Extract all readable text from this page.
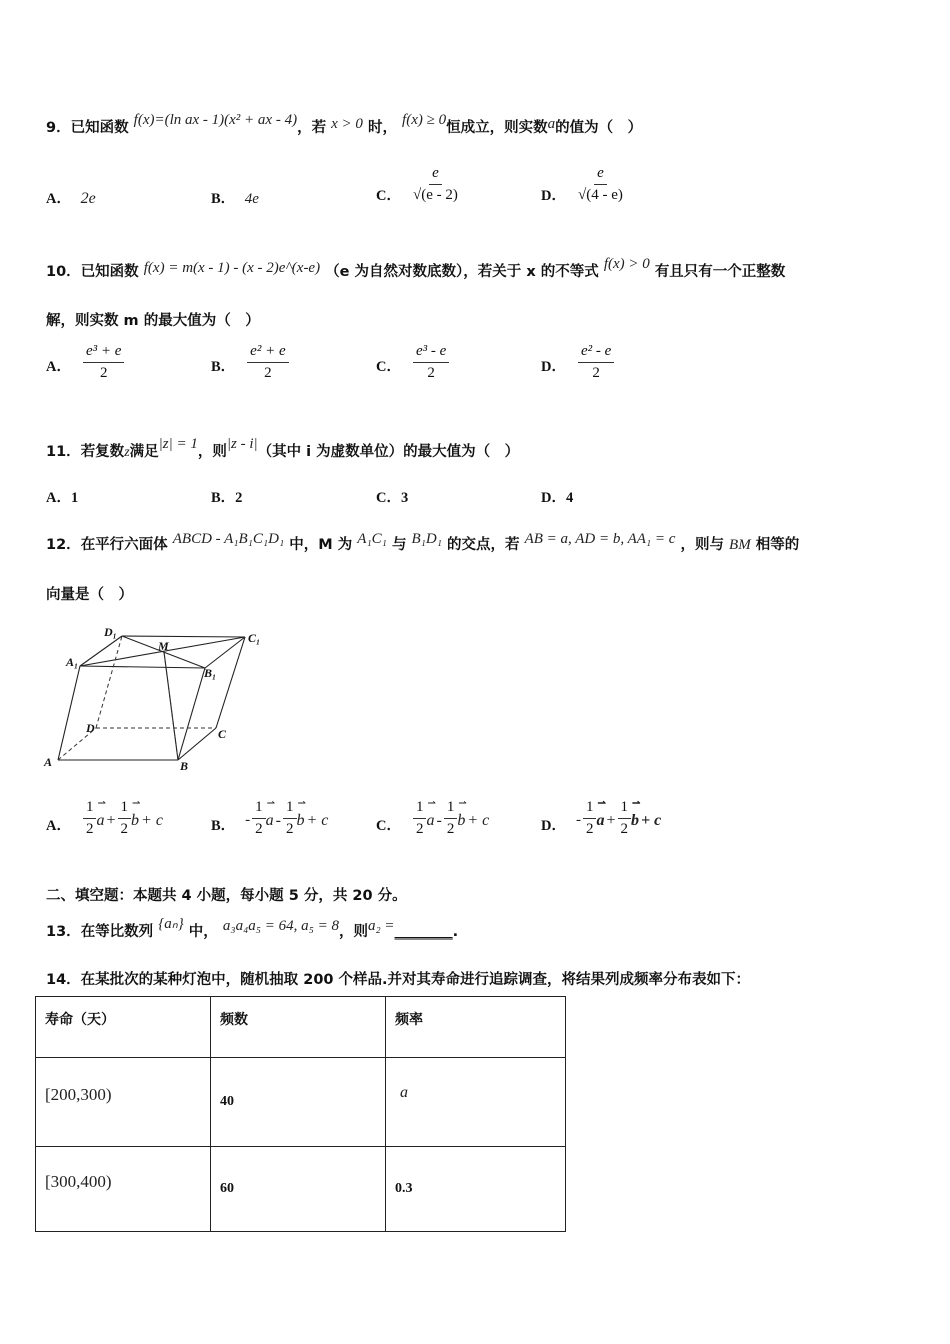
9．已知函数 f(x)=(ln ax - 1)(x² + ax - 4)，若 x > 0 时， f(x) ≥ 0恒成立，则实数a的值为（　）
A． 2e	B． 4e	C． $\frac{e}{√(e - 2)}$	D． $\frac{e}{√(4 - e)}$
10．已知函数 f(x) = m(x - 1) - (x - 2)e^(x-e) （e 为自然对数底数），若关于 x 的不等式 f(x) > 0 有且只有一个正整数
解，则实数 m 的最大值为（　）
A． $\frac{\text{e³ + e}}{2}$	B． $\frac{\text{e² + e}}{2}$	C． $\frac{\text{e³ - e}}{2}$	D． $\frac{\text{e² - e}}{2}$
11．若复数z满足|z| = 1，则|z - i|（其中 i 为虚数单位）的最大值为（　）
A．1	B．2	C．3	D．4
12．在平行六面体 ABCD - A₁B₁C₁D₁ 中，M 为 A₁C₁ 与 B₁D₁ 的交点，若 AB = a, AD = b, AA₁ = c ，则与 BM 相等的
向量是（　）
A	B
C
D
A₁
B₁
C₁
D₁
M
A． $\frac{1}{2}$ ⇀ $a + \frac{1}{2}$ ⇀ b + c	B． - $\frac{1}{2}$ ⇀ a - $\frac{1}{2}$ ⇀ b + c	C． $\frac{1}{2}$ ⇀ a - $\frac{1}{2}$ ⇀ b + c	D． - $\frac{1}{2}$ ⇀ $a + \frac{1}{2}$ ⇀ b + c
二、填空题：本题共 4 小题，每小题 5 分，共 20 分。
13．在等比数列 {aₙ} 中， a₃a₄a₅ = 64, a₅ = 8，则a₂ =________.
14．在某批次的某种灯泡中，随机抽取 200 个样品.并对其寿命进行追踪调查，将结果列成频率分布表如下：
寿命（天）	频数	频率
[200,300)	40	a
[300,400)	60	0.3
